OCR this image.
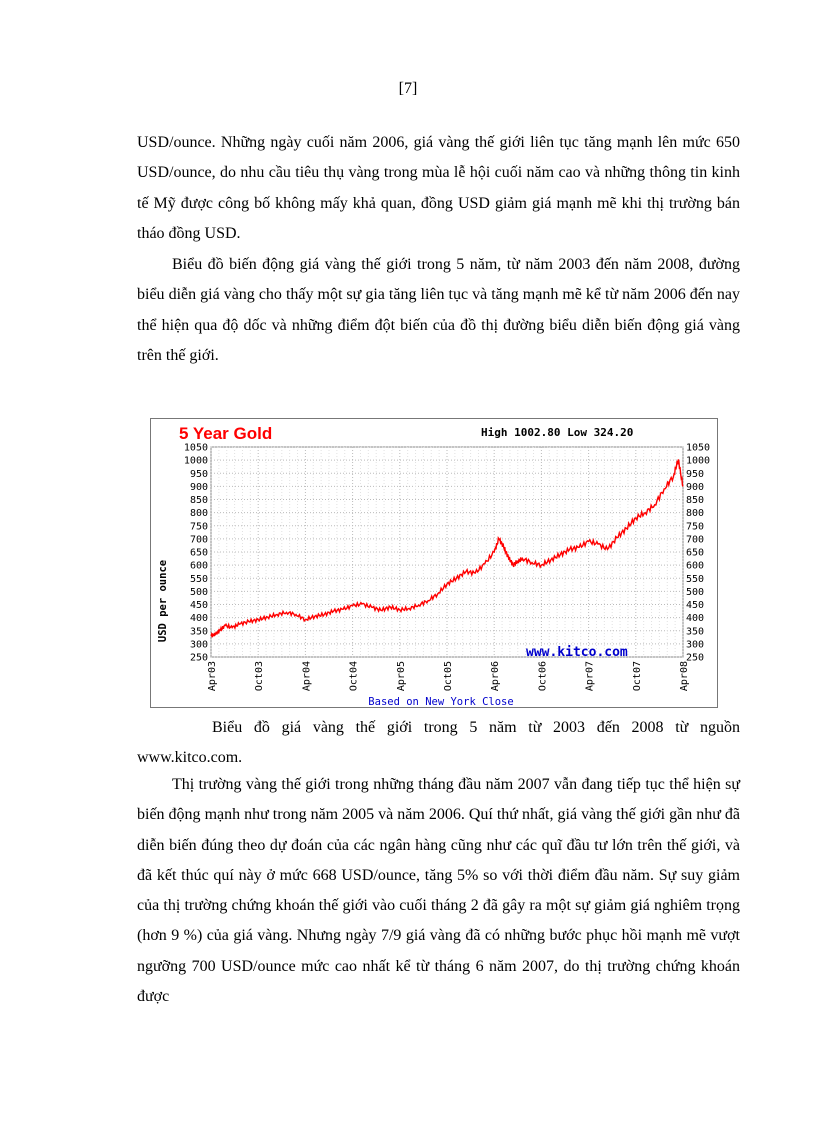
[7]

USD/ounce. Những ngày cuối năm 2006, giá vàng thế giới liên tục tăng mạnh lên mức 650 USD/ounce, do nhu cầu tiêu thụ vàng trong mùa lễ hội cuối năm cao và những thông tin kinh tế Mỹ được công bố không mấy khả quan, đồng USD giảm giá mạnh mẽ khi thị trường bán tháo đồng USD.

Biểu đồ biến động giá vàng thế giới trong 5 năm, từ năm 2003 đến năm 2008, đường biểu diễn giá vàng cho thấy một sự gia tăng liên tục và tăng mạnh mẽ kể từ năm 2006 đến nay thể hiện qua độ dốc và những điểm đột biến của đồ thị đường biểu diễn biến động giá vàng trên thế giới.

5 Year Gold	High 1002.80 Low 324.20
250
300
350
400
450
500
550
600
650
700
750
800
850
900
950
1000
1050
250
300
350
400
450
500
550
600
650
700
750
800
850
900
950
1000
1050
Apr03	Oct03	Apr04	Oct04	Apr05	Oct05	Apr06	Oct06	Apr07	Oct07	Apr08
USD per ounce
www.kitco.com
Based on New York Close

Biểu đồ giá vàng thế giới trong 5 năm từ 2003 đến 2008 từ nguồn www.kitco.com.

Thị trường vàng thế giới trong những tháng đầu năm 2007 vẫn đang tiếp tục thể hiện sự biến động mạnh như trong năm 2005 và năm 2006. Quí thứ nhất, giá vàng thế giới gần như đã diễn biến đúng theo dự đoán của các ngân hàng cũng như các quĩ đầu tư lớn trên thế giới, và đã kết thúc quí này ở mức 668 USD/ounce, tăng 5% so với thời điểm đầu năm. Sự suy giảm của thị trường chứng khoán thế giới vào cuối tháng 2 đã gây ra một sự giảm giá nghiêm trọng (hơn 9 %) của giá vàng. Nhưng ngày 7/9 giá vàng đã có những bước phục hồi mạnh mẽ vượt ngưỡng 700 USD/ounce mức cao nhất kể từ tháng 6 năm 2007, do thị trường chứng khoán được
